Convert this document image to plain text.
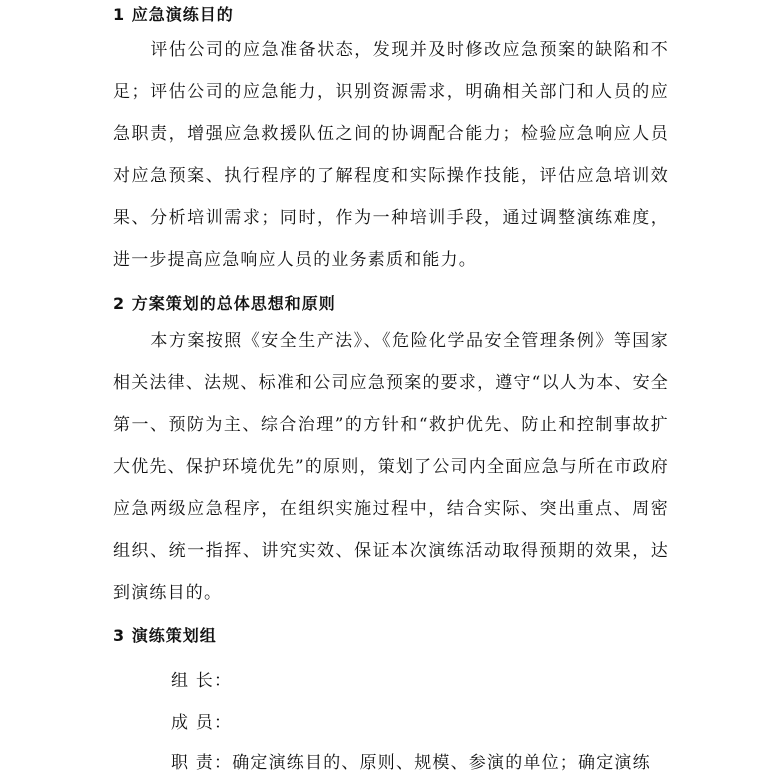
1 应急演练目的
评估公司的应急准备状态，发现并及时修改应急预案的缺陷和不足；评估公司的应急能力，识别资源需求，明确相关部门和人员的应急职责，增强应急救援队伍之间的协调配合能力；检验应急响应人员对应急预案、执行程序的了解程度和实际操作技能，评估应急培训效果、分析培训需求；同时，作为一种培训手段，通过调整演练难度，进一步提高应急响应人员的业务素质和能力。
2 方案策划的总体思想和原则
本方案按照《安全生产法》、《危险化学品安全管理条例》等国家相关法律、法规、标准和公司应急预案的要求，遵守“以人为本、安全第一、预防为主、综合治理”的方针和“救护优先、防止和控制事故扩大优先、保护环境优先”的原则，策划了公司内全面应急与所在市政府应急两级应急程序，在组织实施过程中，结合实际、突出重点、周密组织、统一指挥、讲究实效、保证本次演练活动取得预期的效果，达到演练目的。
3 演练策划组
组 长：
成 员：
职 责：确定演练目的、原则、规模、参演的单位；确定演练
